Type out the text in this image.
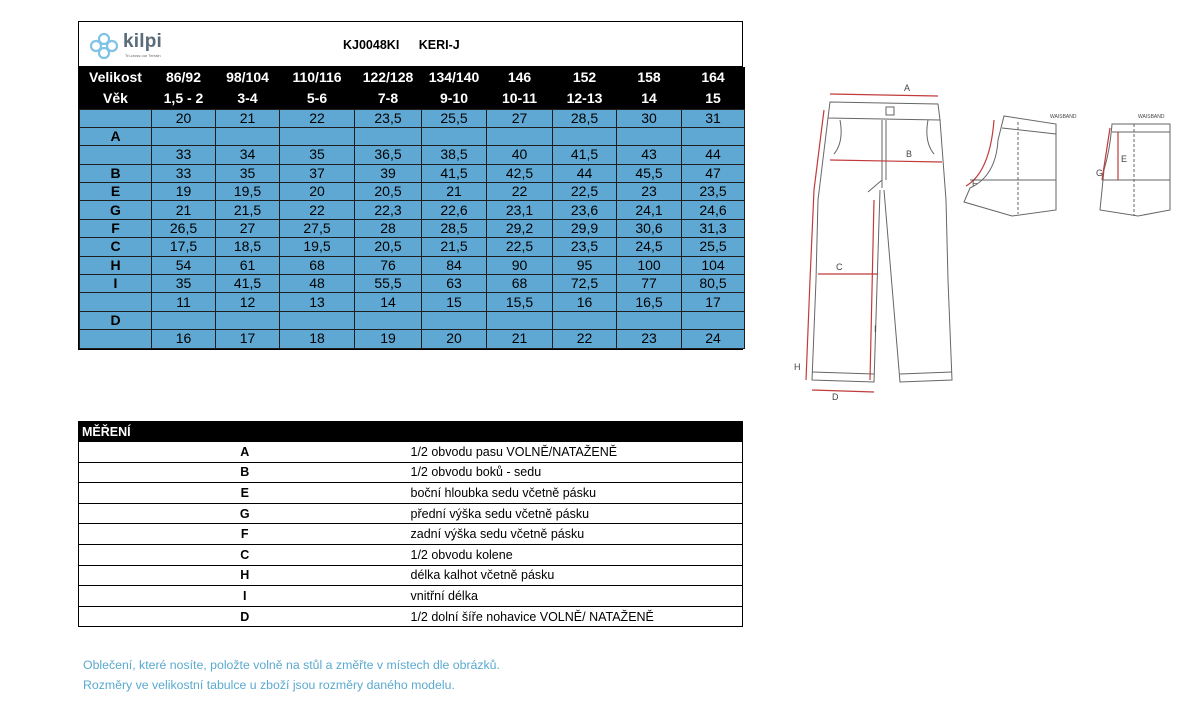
kilpi
Tri-cross our Terrain
KJ0048KI KERI-J
Velikost	86/92	98/104	110/116	122/128	134/140	146	152	158	164
Věk	1,5 - 2	3-4	5-6	7-8	9-10	10-11	12-13	14	15
	20	21	22	23,5	25,5	27	28,5	30	31
A									
	33	34	35	36,5	38,5	40	41,5	43	44
B	33	35	37	39	41,5	42,5	44	45,5	47
E	19	19,5	20	20,5	21	22	22,5	23	23,5
G	21	21,5	22	22,3	22,6	23,1	23,6	24,1	24,6
F	26,5	27	27,5	28	28,5	29,2	29,9	30,6	31,3
C	17,5	18,5	19,5	20,5	21,5	22,5	23,5	24,5	25,5
H	54	61	68	76	84	90	95	100	104
I	35	41,5	48	55,5	63	68	72,5	77	80,5
	11	12	13	14	15	15,5	16	16,5	17
D									
	16	17	18	19	20	21	22	23	24
MĚŘENÍ	
A	1/2 obvodu pasu VOLNĚ/NATAŽENĚ
B	1/2 obvodu boků - sedu
E	boční hloubka sedu včetně pásku
G	přední výška sedu včetně pásku
F	zadní výška sedu včetně pásku
C	1/2 obvodu kolene
H	délka kalhot včetně pásku
I	vnitřní délka
D	1/2 dolní šíře nohavice VOLNĚ/ NATAŽENĚ
Oblečení, které nosíte, položte volně na stůl a změřte v místech dle obrázků.
Rozměry ve velikostní tabulce u zboží jsou rozměry daného modelu.
A
B
C
D
H
I
F
WAISBAND
G
E
WAISBAND
